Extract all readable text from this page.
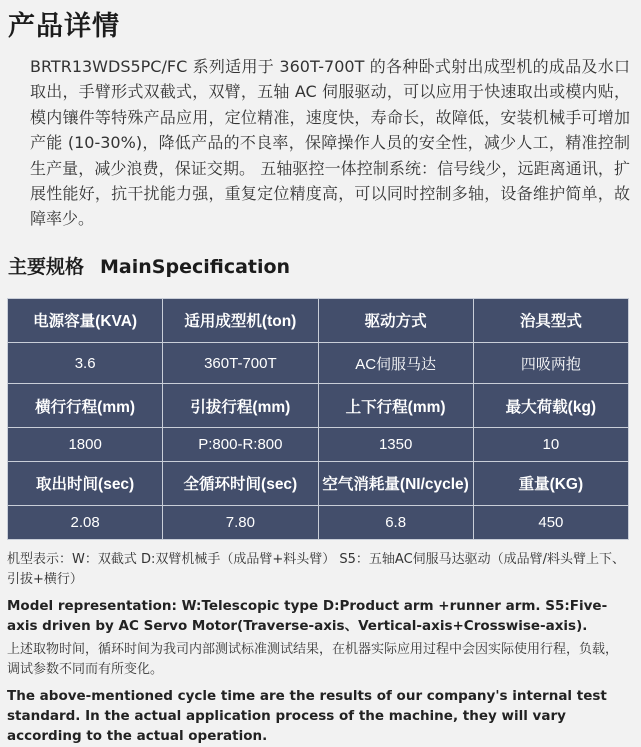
产品详情
BRTR13WDS5PC/FC 系列适用于 360T-700T 的各种卧式射出成型机的成品及水口取出，手臂形式双截式，双臂，五轴 AC 伺服驱动，可以应用于快速取出或模内贴，模内镶件等特殊产品应用，定位精准，速度快，寿命长，故障低，安装机械手可增加产能 (10-30%)，降低产品的不良率，保障操作人员的安全性，减少人工，精准控制生产量，减少浪费，保证交期。 五轴驱控一体控制系统：信号线少，远距离通讯，扩展性能好，抗干扰能力强，重复定位精度高，可以同时控制多轴，设备维护简单，故障率少。
主要规格 MainSpecification
电源容量(KVA)	适用成型机(ton)	驱动方式	治具型式
3.6	360T-700T	AC伺服马达	四吸两抱
横行行程(mm)	引拔行程(mm)	上下行程(mm)	最大荷载(kg)
1800	P:800-R:800	1350	10
取出时间(sec)	全循环时间(sec)	空气消耗量(NI/cycle)	重量(KG)
2.08	7.80	6.8	450
机型表示：W：双截式 D:双臂机械手（成品臂+料头臂） S5：五轴AC伺服马达驱动（成品臂/料头臂上下、引拔+横行）
Model representation: W:Telescopic type D:Product arm +runner arm. S5:Five-axis driven by AC Servo Motor(Traverse-axis、Vertical-axis+Crosswise-axis).
上述取物时间，循环时间为我司内部测试标准测试结果，在机器实际应用过程中会因实际使用行程，负载，调试参数不同而有所变化。
The above-mentioned cycle time are the results of our company's internal test standard. In the actual application process of the machine, they will vary according to the actual operation.
